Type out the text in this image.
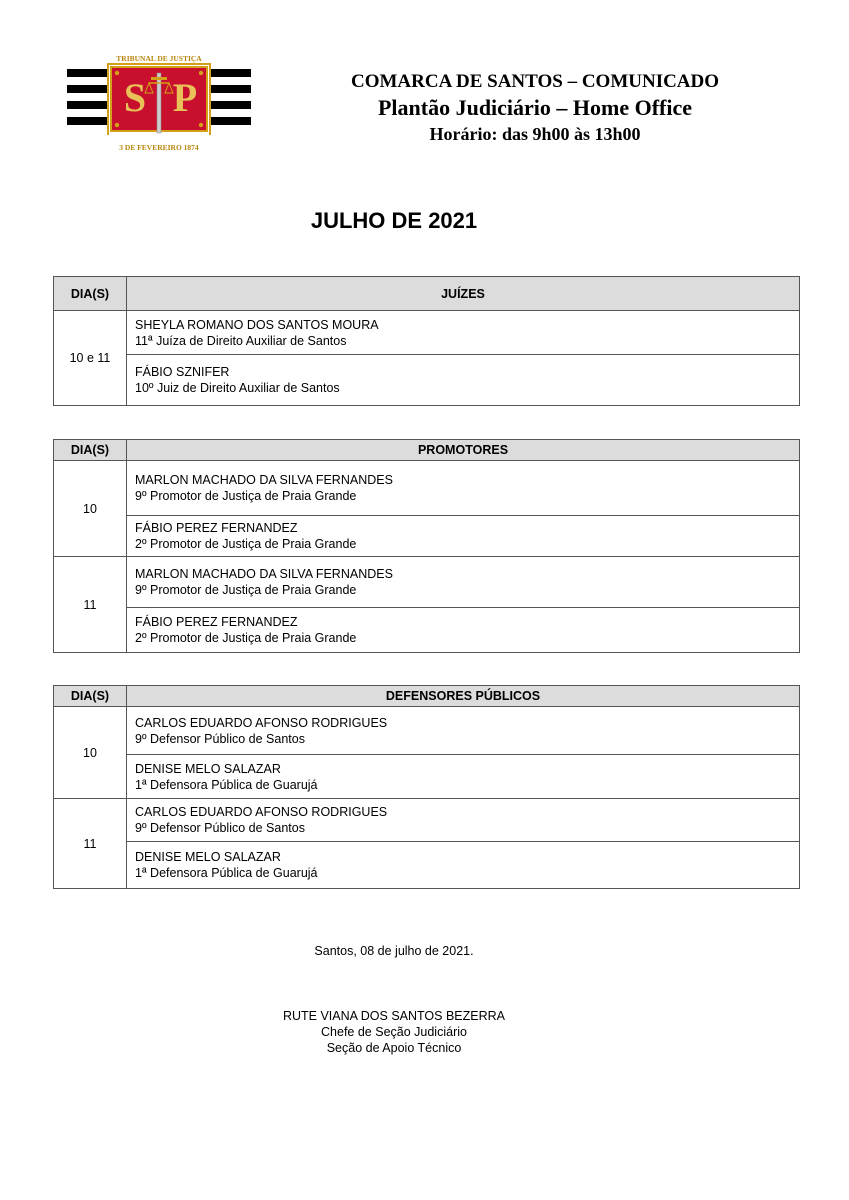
TRIBUNAL DE JUSTIÇA
S P
3 DE FEVEREIRO 1874
COMARCA DE SANTOS – COMUNICADO
Plantão Judiciário – Home Office
Horário: das 9h00 às 13h00
JULHO DE 2021
DIA(S)	JUÍZES
10 e 11	SHEYLA ROMANO DOS SANTOS MOURA
11ª Juíza de Direito Auxiliar de Santos

	FÁBIO SZNIFER
10º Juiz de Direito Auxiliar de Santos
DIA(S)	PROMOTORES
10	MARLON MACHADO DA SILVA FERNANDES
9º Promotor de Justiça de Praia Grande

	FÁBIO PEREZ FERNANDEZ
2º Promotor de Justiça de Praia Grande

11	MARLON MACHADO DA SILVA FERNANDES
9º Promotor de Justiça de Praia Grande

	FÁBIO PEREZ FERNANDEZ
2º Promotor de Justiça de Praia Grande
DIA(S)	DEFENSORES PÚBLICOS
10	CARLOS EDUARDO AFONSO RODRIGUES
9º Defensor Público de Santos

	DENISE MELO SALAZAR
1ª Defensora Pública de Guarujá

11	CARLOS EDUARDO AFONSO RODRIGUES
9º Defensor Público de Santos

	DENISE MELO SALAZAR
1ª Defensora Pública de Guarujá
Santos, 08 de julho de 2021.
RUTE VIANA DOS SANTOS BEZERRA
Chefe de Seção Judiciário
Seção de Apoio Técnico
